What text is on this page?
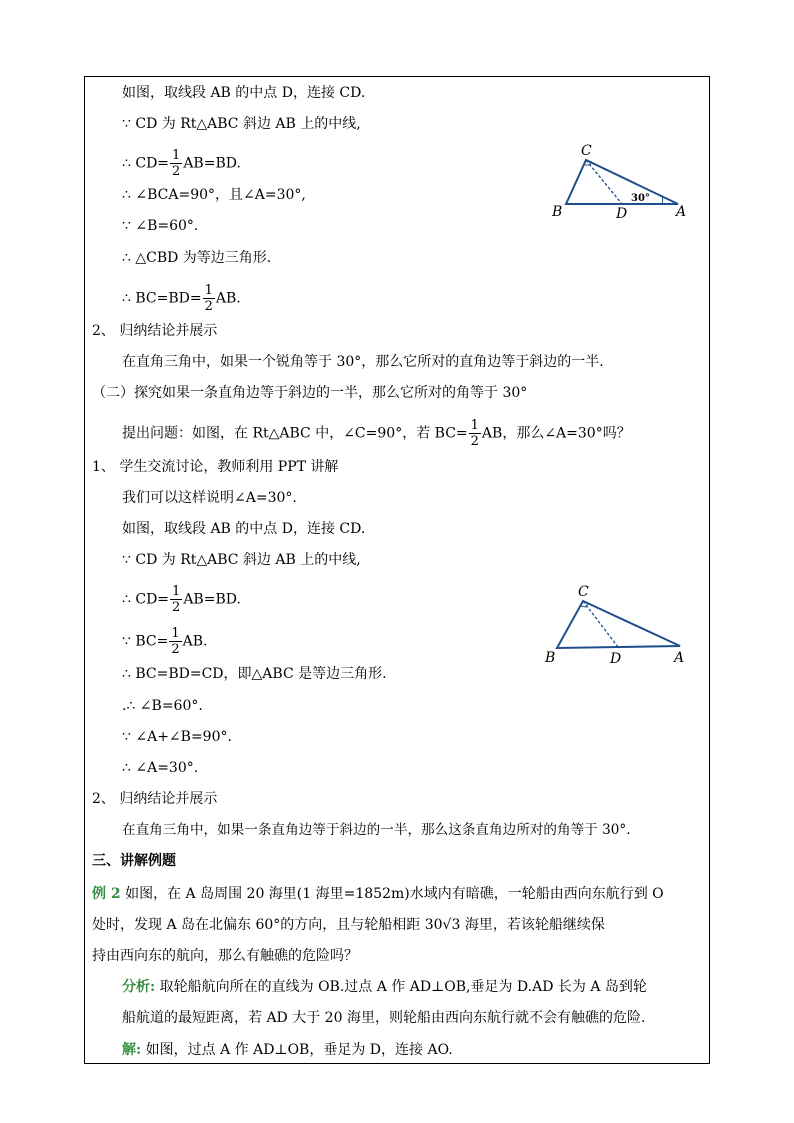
如图，取线段 AB 的中点 D，连接 CD.
∵ CD 为 Rt△ABC 斜边 AB 上的中线,
∴ $CD= \frac{1}{2} AB=BD$.
∴ ∠BCA=90°，且∠A=30°,
∵ ∠B=60°.
∴ △CBD 为等边三角形.
∴ $BC=BD= \frac{1}{2}$ AB.
2、 归纳结论并展示
在直角三角中，如果一个锐角等于 30°，那么它所对的直角边等于斜边的一半.
（二）探究如果一条直角边等于斜边的一半，那么它所对的角等于 30°
提出问题：如图，在 Rt△ABC 中，∠C=90°，若 $BC= \frac{1}{2}$ AB，那么∠A=30°吗？
1、 学生交流讨论，教师利用 PPT 讲解
我们可以这样说明∠A=30°.
如图，取线段 AB 的中点 D，连接 CD.
∵ CD 为 Rt△ABC 斜边 AB 上的中线,
∴ $CD= \frac{1}{2} AB=BD$.
∵ $BC= \frac{1}{2}$ AB.
∴ BC=BD=CD，即△ABC 是等边三角形.
.∴ ∠B=60°.
∵ ∠A+∠B=90°.
∴ ∠A=30°.
2、 归纳结论并展示
在直角三角中，如果一条直角边等于斜边的一半，那么这条直角边所对的角等于 30°.
三、讲解例题
例 2 如图，在 A 岛周围 20 海里(1 海里=1852m)水域内有暗礁，一轮船由西向东航行到 O
处时，发现 A 岛在北偏东 60°的方向，且与轮船相距 30√3 海里，若该轮船继续保
持由西向东的航向，那么有触礁的危险吗？
分析: 取轮船航向所在的直线为 OB.过点 A 作 AD⊥OB,垂足为 D.AD 长为 A 岛到轮
船航道的最短距离，若 AD 大于 20 海里，则轮船由西向东航行就不会有触礁的危险.
解: 如图，过点 A 作 AD⊥OB，垂足为 D，连接 AO.
C
B	D	A
30°
C
B	D	A
